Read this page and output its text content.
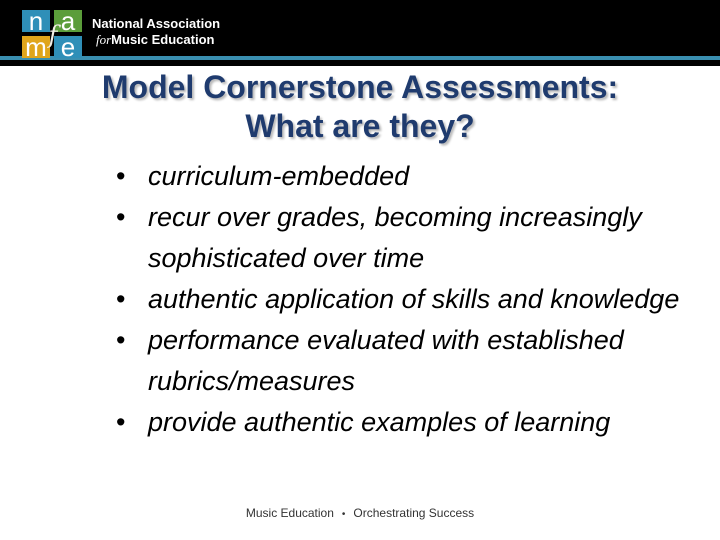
n a
m e
f	National Association
forMusic Education
Model Cornerstone Assessments:
What are they?
• curriculum-embedded
• recur over grades, becoming increasingly sophisticated over time
• authentic application of skills and knowledge
• performance evaluated with established rubrics/measures
• provide authentic examples of learning
Music Education • Orchestrating Success
